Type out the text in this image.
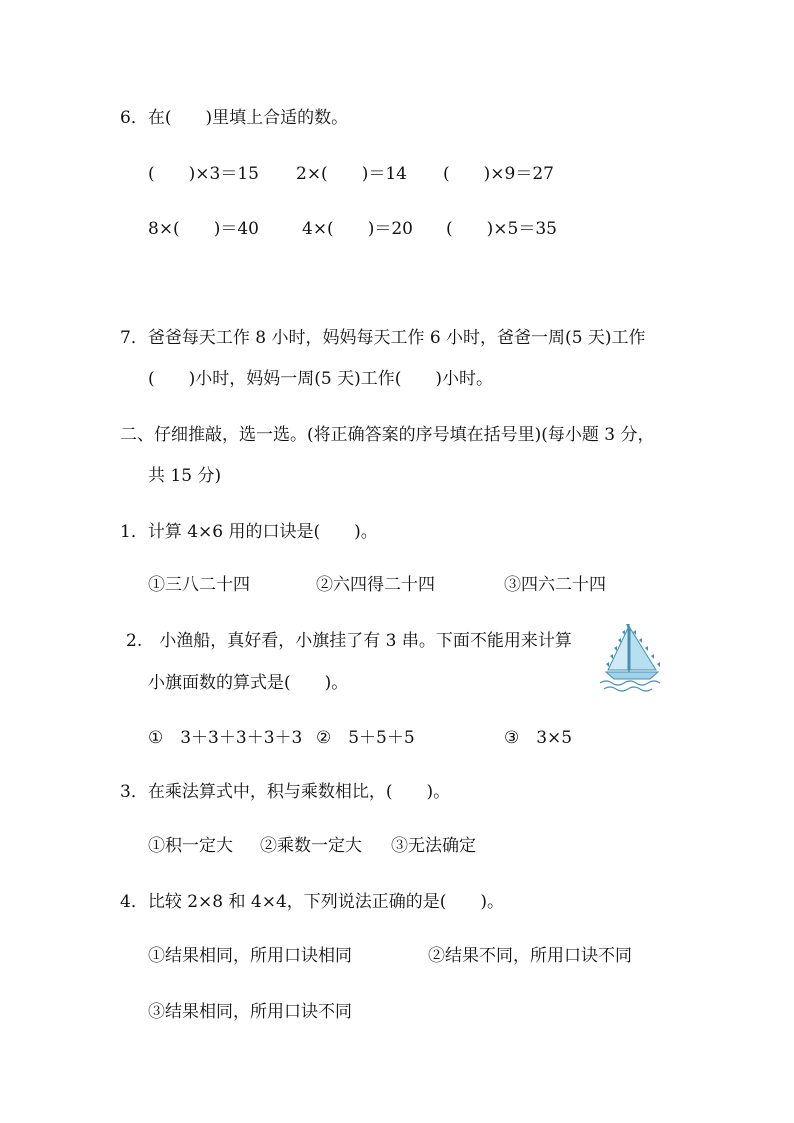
6．在(　　)里填上合适的数。
(　　)×3＝15 2×(　　)＝14 (　　)×9＝27
8×(　　)＝40	4×(　　)＝20 (　　)×5＝35
7．爸爸每天工作 8 小时，妈妈每天工作 6 小时，爸爸一周(5 天)工作
(　　)小时，妈妈一周(5 天)工作(　　)小时。
二、仔细推敲，选一选。(将正确答案的序号填在括号里)(每小题 3 分，
共 15 分)
1．计算 4×6 用的口诀是(　　)。
①三八二十四	②六四得二十四	③四六二十四
2.　小渔船，真好看，小旗挂了有 3 串。下面不能用来计算
小旗面数的算式是(　　)。
①　3＋3＋3＋3＋3 ②　5＋5＋5	③　3×5
3．在乘法算式中，积与乘数相比，(　　)。
①积一定大 ②乘数一定大 ③无法确定
4．比较 2×8 和 4×4，下列说法正确的是(　　)。
①结果相同，所用口诀相同	②结果不同，所用口诀不同
③结果相同，所用口诀不同
